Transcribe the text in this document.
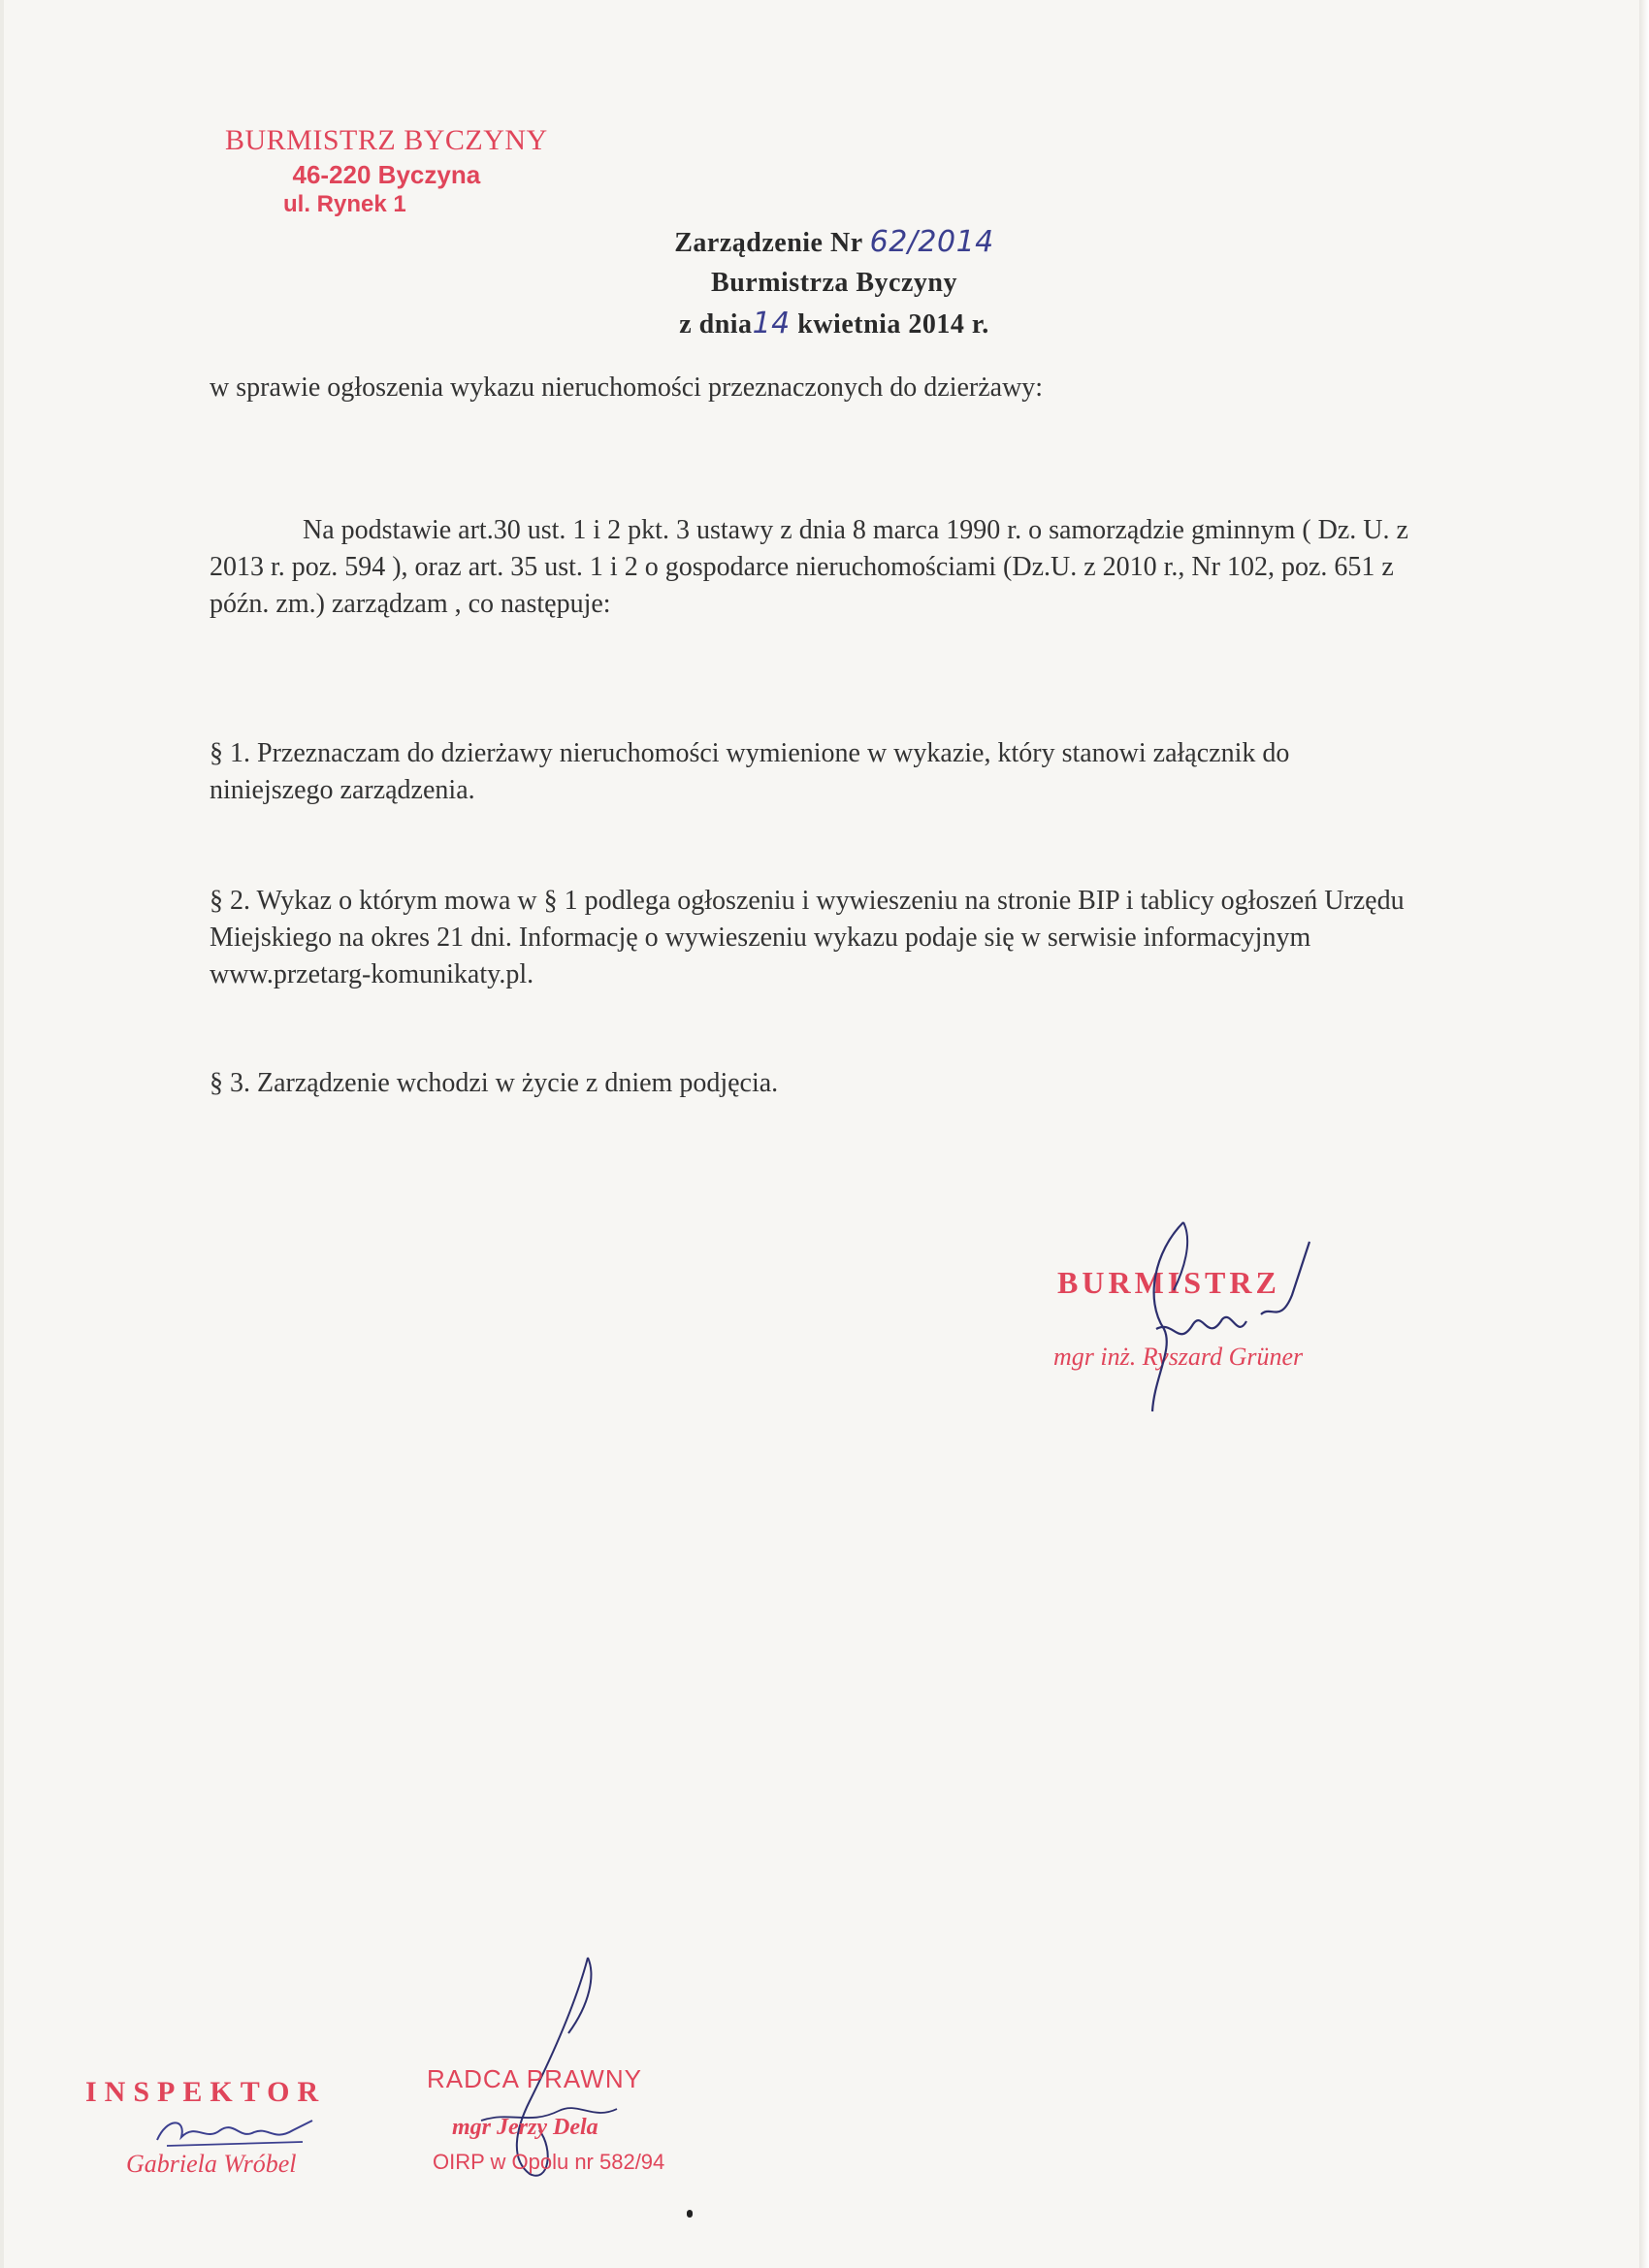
BURMISTRZ BYCZYNY
46-220 Byczyna
ul. Rynek 1
Zarządzenie Nr 62/2014
Burmistrza Byczyny
z dnia14 kwietnia 2014 r.
w sprawie ogłoszenia wykazu nieruchomości przeznaczonych do dzierżawy:
Na podstawie art.30 ust. 1 i 2 pkt. 3 ustawy z dnia 8 marca 1990 r. o samorządzie gminnym ( Dz. U. z 2013 r. poz. 594 ), oraz art. 35 ust. 1 i 2 o gospodarce nieruchomościami (Dz.U. z 2010 r., Nr 102, poz. 651 z późn. zm.) zarządzam , co następuje:
§ 1. Przeznaczam do dzierżawy nieruchomości wymienione w wykazie, który stanowi załącznik do niniejszego zarządzenia.
§ 2. Wykaz o którym mowa w § 1 podlega ogłoszeniu i wywieszeniu na stronie BIP i tablicy ogłoszeń Urzędu Miejskiego na okres 21 dni. Informację o wywieszeniu wykazu podaje się w serwisie informacyjnym www.przetarg-komunikaty.pl.
§ 3. Zarządzenie wchodzi w życie z dniem podjęcia.
BURMISTRZ
mgr inż. Ryszard Grüner
INSPEKTOR
Gabriela Wróbel
RADCA PRAWNY
mgr Jerzy Dela
OIRP w Opolu nr 582/94
